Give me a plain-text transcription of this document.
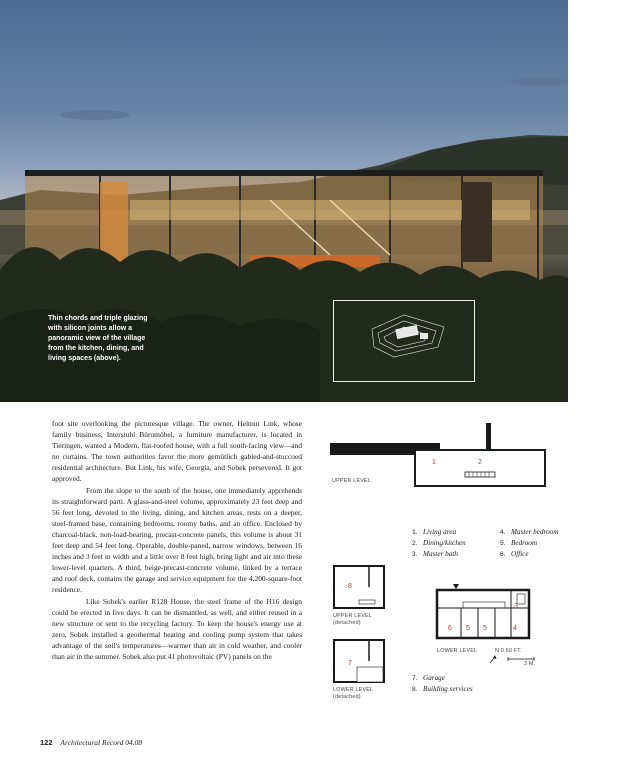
Thin chords and triple glazing with silicon joints allow a panoramic view of the village from the kitchen, dining, and living spaces (above).

foot site overlooking the picturesque village. The owner, Helmut Link, whose family business, Interstuhl Büromöbel, a furniture manufacturer, is located in Tieringen, wanted a Modern, flat-roofed house, with a full south-facing view—and no curtains. The town authorities favor the more gemütlich gabled-and-stuccoed residential architecture. But Link, his wife, Georgia, and Sobek persevered. It got approved.

From the slope to the south of the house, one immediately apprehends its straightforward parti. A glass-and-steel volume, approximately 23 feet deep and 56 feet long, devoted to the living, dining, and kitchen areas, rests on a deeper, steel-framed base, containing bedrooms, roomy baths, and an office. Enclosed by charcoal-black, non-load-bearing, precast-concrete panels, this volume is about 31 feet deep and 54 feet long. Operable, double-paned, narrow windows, between 16 inches and 3 feet in width and a little over 8 feet high, bring light and air into these lower-level quarters. A third, beige-precast-concrete volume, linked by a terrace and roof deck, contains the garage and service equipment for the 4,200-square-foot residence.

Like Sobek's earlier R128 House, the steel frame of the H16 design could be erected in five days. It can be dismantled, as well, and either reused in a new structure or sent to the recycling factory. To keep the house's energy use at zero, Sobek installed a geothermal heating and cooling pump system that takes advantage of the soil's temperatures—warmer than air in cold weather, and cooler than air in the summer. Sobek also put 41 photovoltaic (PV) panels on the

1	2
UPPER LEVEL
1. Living area
2. Dining/kitchen
3. Master bath
4. Master bedroom
5. Bedroom
6. Office
8
UPPER LEVEL (detached)
7
LOWER LEVEL (detached)
6 5 5	4
3
LOWER LEVEL	N 0 50 FT.
3 M.
7. Garage
8. Building services
122 Architectural Record 04.08
